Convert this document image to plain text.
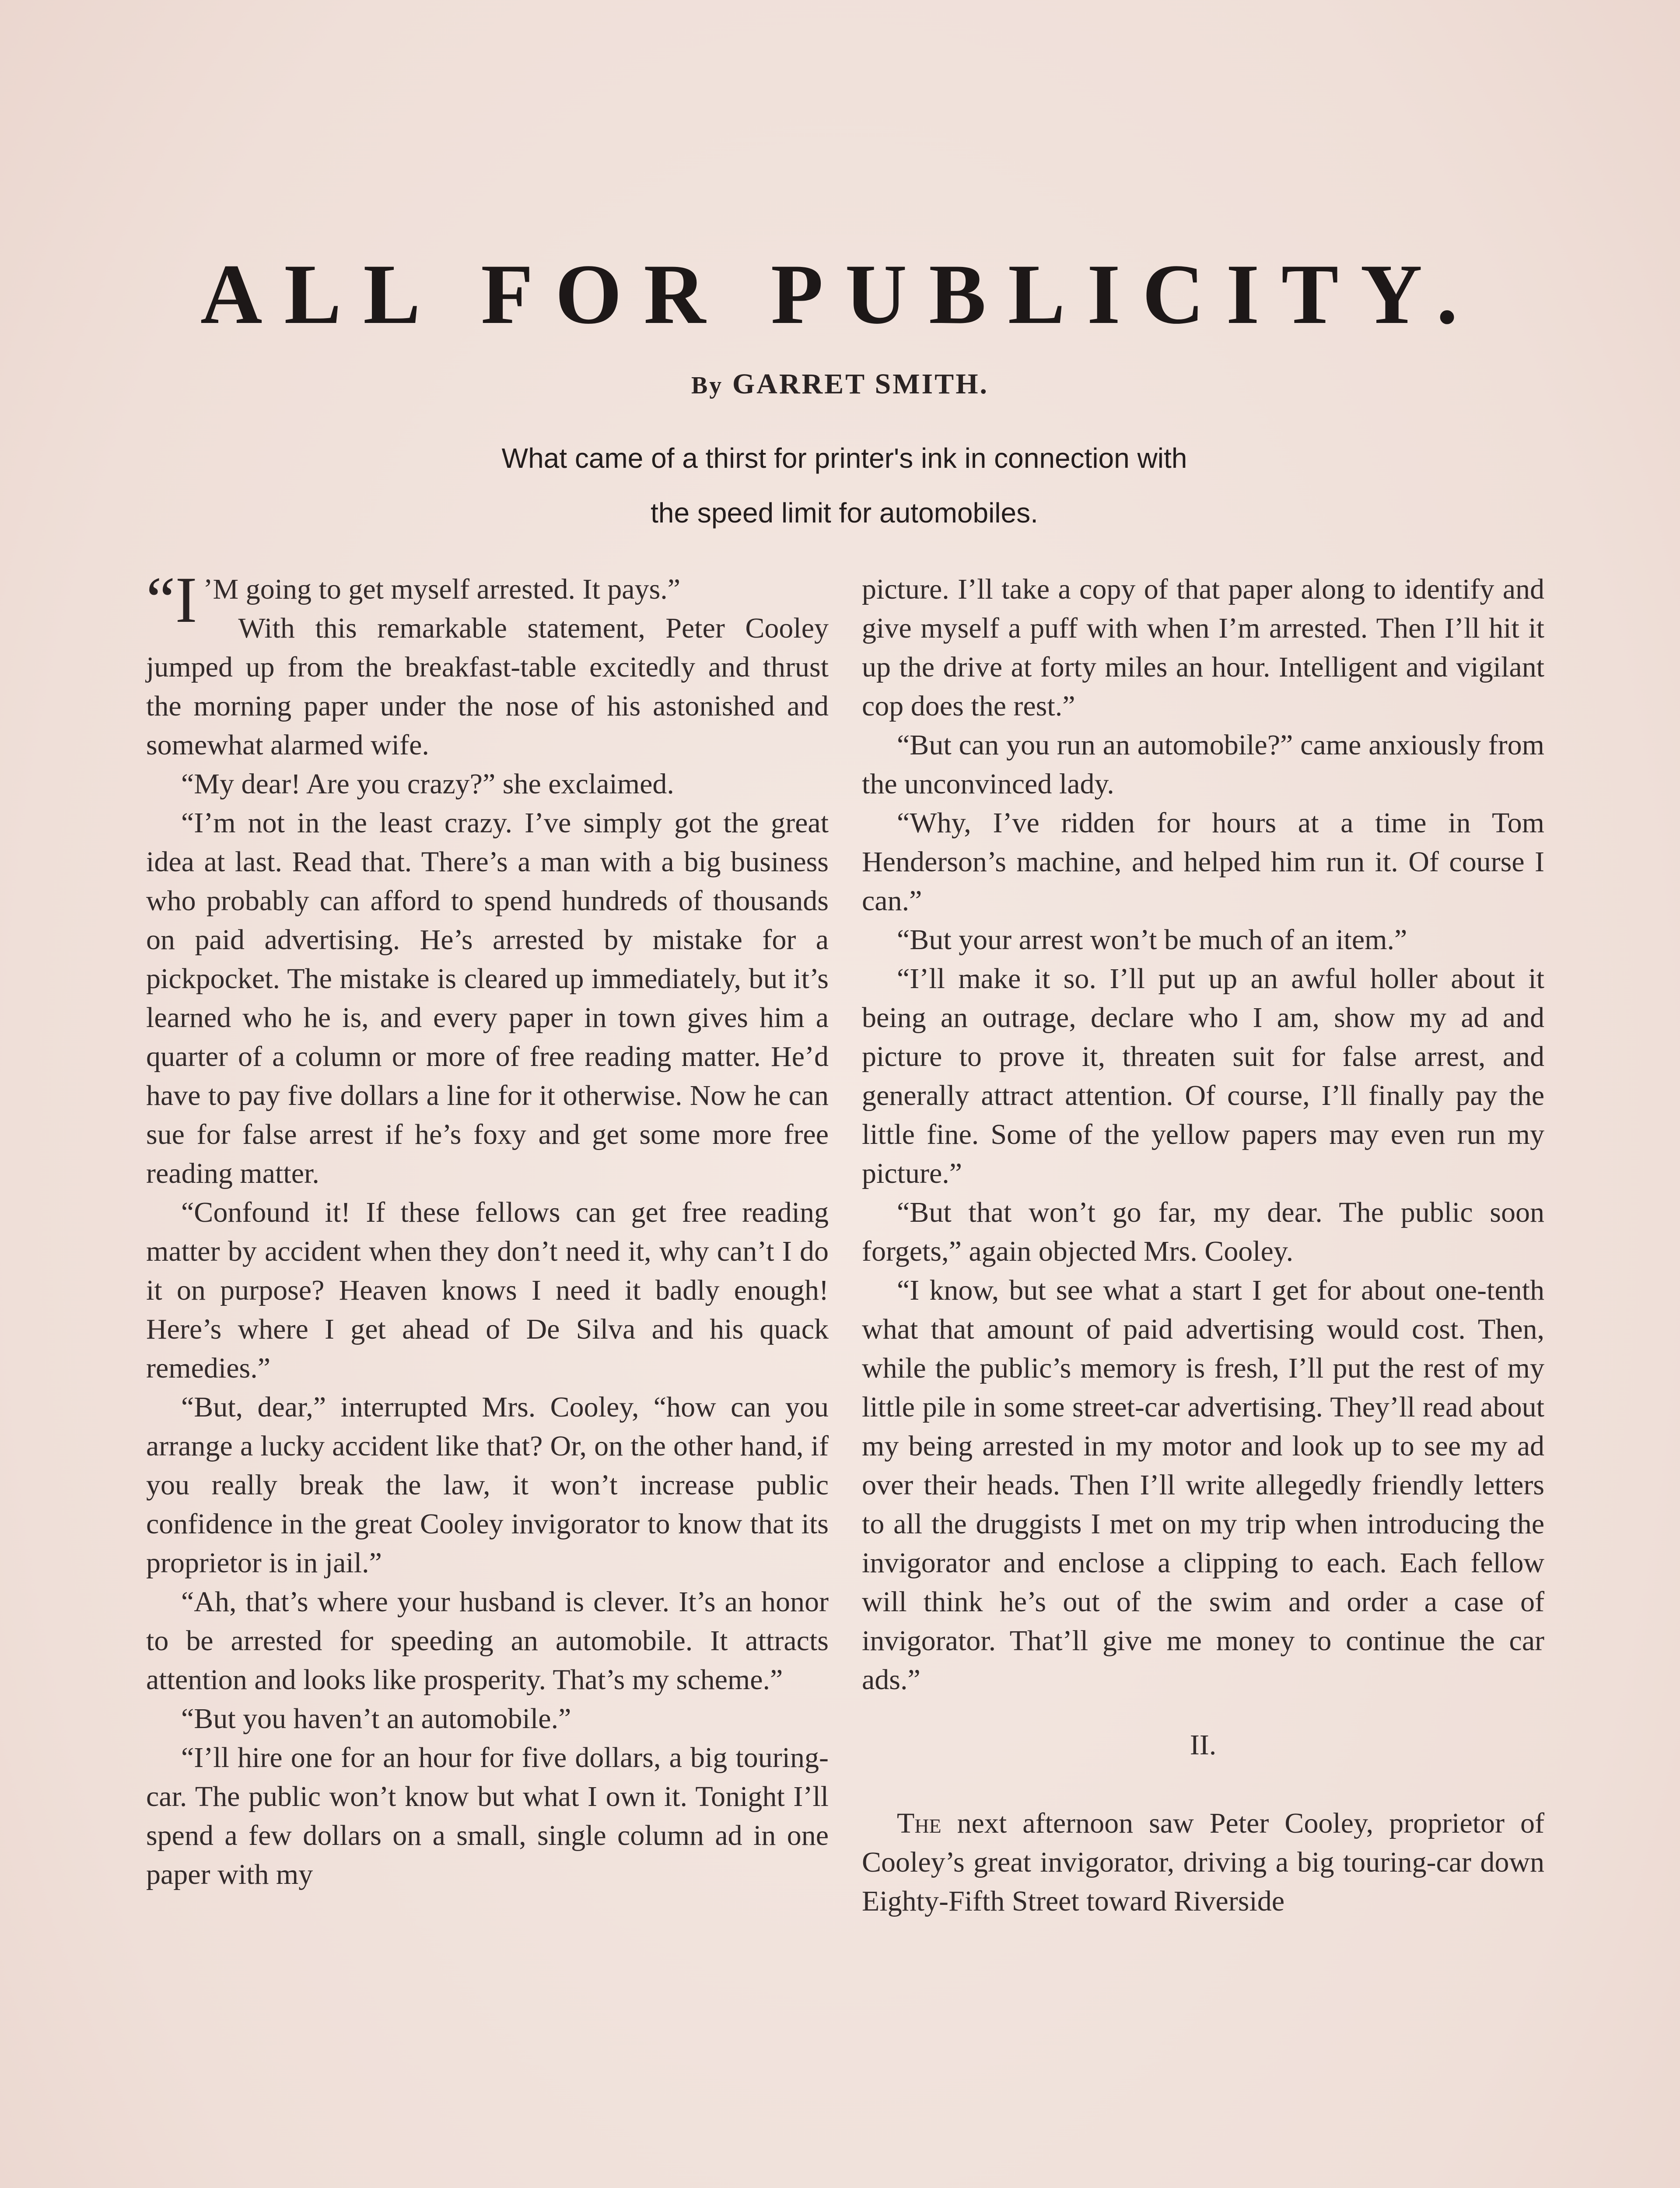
ALL FOR PUBLICITY.
By GARRET SMITH.
What came of a thirst for printer's ink in connection with the speed limit for automobiles.

“I ’M going to get myself arrested. It pays.”

With this remarkable statement, Peter Cooley jumped up from the breakfast-table excitedly and thrust the morning paper under the nose of his astonished and somewhat alarmed wife.

“My dear! Are you crazy?” she exclaimed.

“I’m not in the least crazy. I’ve simply got the great idea at last. Read that. There’s a man with a big business who probably can afford to spend hundreds of thousands on paid advertising. He’s arrested by mistake for a pickpocket. The mistake is cleared up immediately, but it’s learned who he is, and every paper in town gives him a quarter of a column or more of free reading matter. He’d have to pay five dollars a line for it otherwise. Now he can sue for false arrest if he’s foxy and get some more free reading matter.

“Confound it! If these fellows can get free reading matter by accident when they don’t need it, why can’t I do it on purpose? Heaven knows I need it badly enough! Here’s where I get ahead of De Silva and his quack remedies.”

“But, dear,” interrupted Mrs. Cooley, “how can you arrange a lucky accident like that? Or, on the other hand, if you really break the law, it won’t increase public confidence in the great Cooley invigorator to know that its proprietor is in jail.”

“Ah, that’s where your husband is clever. It’s an honor to be arrested for speeding an automobile. It attracts attention and looks like prosperity. That’s my scheme.”

“But you haven’t an automobile.”

“I’ll hire one for an hour for five dollars, a big touring-car. The public won’t know but what I own it. Tonight I’ll spend a few dollars on a small, single column ad in one paper with my

picture. I’ll take a copy of that paper along to identify and give myself a puff with when I’m arrested. Then I’ll hit it up the drive at forty miles an hour. Intelligent and vigilant cop does the rest.”

“But can you run an automobile?” came anxiously from the unconvinced lady.

“Why, I’ve ridden for hours at a time in Tom Henderson’s machine, and helped him run it. Of course I can.”

“But your arrest won’t be much of an item.”

“I’ll make it so. I’ll put up an awful holler about it being an outrage, declare who I am, show my ad and picture to prove it, threaten suit for false arrest, and generally attract attention. Of course, I’ll finally pay the little fine. Some of the yellow papers may even run my picture.”

“But that won’t go far, my dear. The public soon forgets,” again objected Mrs. Cooley.

“I know, but see what a start I get for about one-tenth what that amount of paid advertising would cost. Then, while the public’s memory is fresh, I’ll put the rest of my little pile in some street-car advertising. They’ll read about my being arrested in my motor and look up to see my ad over their heads. Then I’ll write allegedly friendly letters to all the druggists I met on my trip when introducing the invigorator and enclose a clipping to each. Each fellow will think he’s out of the swim and order a case of invigorator. That’ll give me money to continue the car ads.”

II.

The next afternoon saw Peter Cooley, proprietor of Cooley’s great invigorator, driving a big touring-car down Eighty-Fifth Street toward Riverside
